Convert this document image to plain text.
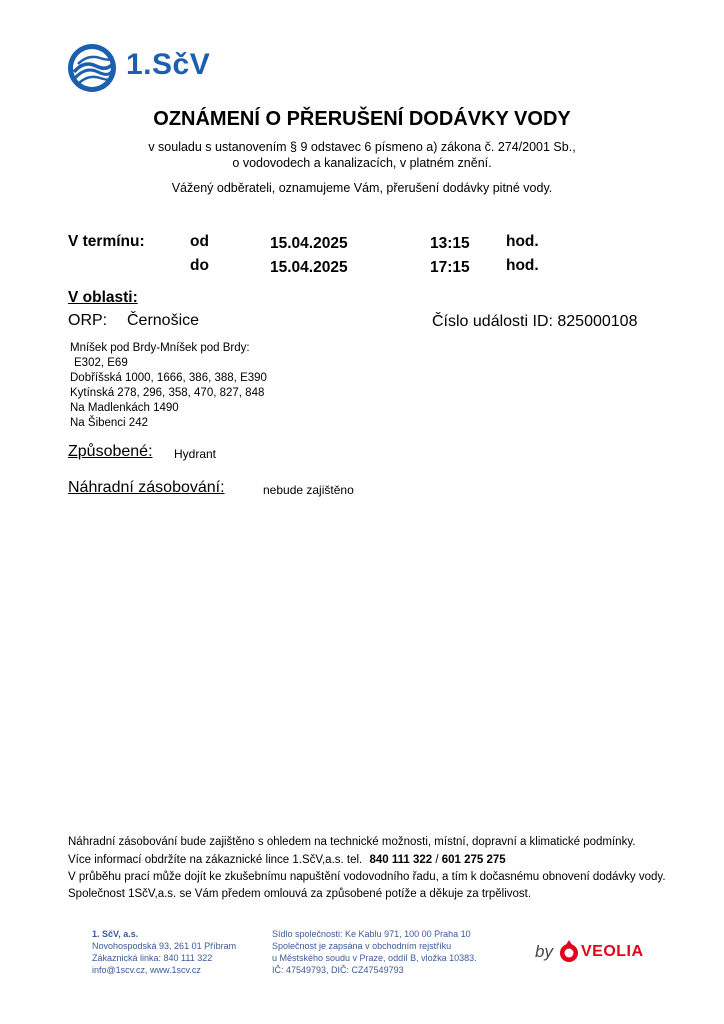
1.SčV
OZNÁMENÍ O PŘERUŠENÍ DODÁVKY VODY
v souladu s ustanovením § 9 odstavec 6 písmeno a) zákona č. 274/2001 Sb.,
o vodovodech a kanalizacích, v platném znění.
Vážený odběrateli, oznamujeme Vám, přerušení dodávky pitné vody.
V termínu:	od	15.04.2025	13:15 hod.
do	15.04.2025	17:15 hod.
V oblasti:
ORP: Černošice	Číslo události ID: 825000108
Mníšek pod Brdy-Mníšek pod Brdy:
E302, E69
Dobříšská 1000, 1666, 386, 388, E390
Kytínská 278, 296, 358, 470, 827, 848
Na Madlenkách 1490
Na Šibenci 242
Způsobené: Hydrant
Náhradní zásobování:	nebude zajištěno
Náhradní zásobování bude zajištěno s ohledem na technické možnosti, místní, dopravní a klimatické podmínky.
Více informací obdržíte na zákaznické lince 1.SčV,a.s. tel. 840 111 322 / 601 275 275
V průběhu prací může dojít ke zkušebnímu napuštění vodovodního řadu, a tím k dočasnému obnovení dodávky vody.
Společnost 1SčV,a.s. se Vám předem omlouvá za způsobené potíže a děkuje za trpělivost.
1. SčV, a.s.
Novohospodská 93, 261 01 Příbram
Zákaznická linka: 840 111 322
info@1scv.cz, www.1scv.cz
Sídlo společnosti: Ke Kablu 971, 100 00 Praha 10
Společnost je zapsána v obchodním rejstříku
u Městského soudu v Praze, oddíl B, vložka 10383.
IČ: 47549793, DIČ: CZ47549793
by VEOLIA
